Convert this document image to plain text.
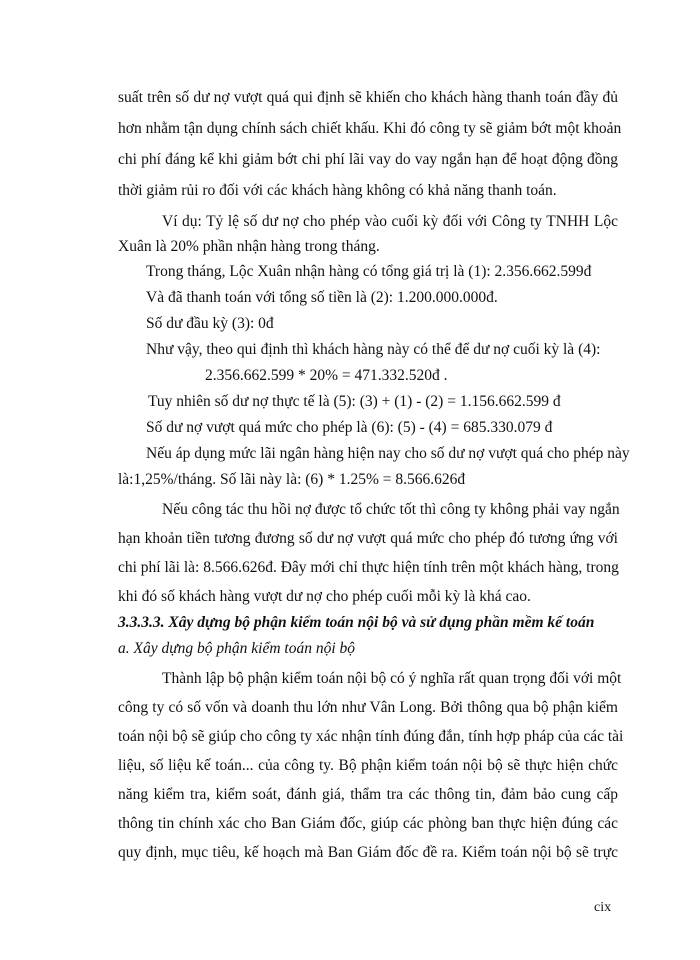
suất trên số dư nợ vượt quá qui định sẽ khiến cho khách hàng thanh toán đầy đủ
hơn nhằm tận dụng chính sách chiết khấu. Khi đó công ty sẽ giảm bớt một khoản
chi phí đáng kể khi giảm bớt chi phí lãi vay do vay ngắn hạn để hoạt động đồng
thời giảm rủi ro đối với các khách hàng không có khả năng thanh toán.
Ví dụ: Tỷ lệ số dư nợ cho phép vào cuối kỳ đối với Công ty TNHH Lộc
Xuân là 20% phần nhận hàng trong tháng.
Trong tháng, Lộc Xuân nhận hàng có tổng giá trị là (1): 2.356.662.599đ
Và đã thanh toán với tổng số tiền là (2): 1.200.000.000đ.
Số dư đầu kỳ (3): 0đ
Như vậy, theo qui định thì khách hàng này có thể để dư nợ cuối kỳ là (4):
2.356.662.599 * 20% = 471.332.520đ .
Tuy nhiên số dư nợ thực tế là (5): (3) + (1) - (2) = 1.156.662.599 đ
Số dư nợ vượt quá mức cho phép là (6): (5) - (4) = 685.330.079 đ
Nếu áp dụng mức lãi ngân hàng hiện nay cho số dư nợ vượt quá cho phép này
là:1,25%/tháng. Số lãi này là: (6) * 1.25% = 8.566.626đ
Nếu công tác thu hồi nợ được tổ chức tốt thì công ty không phải vay ngắn
hạn khoản tiền tương đương số dư nợ vượt quá mức cho phép đó tương ứng với
chi phí lãi là: 8.566.626đ. Đây mới chỉ thực hiện tính trên một khách hàng, trong
khi đó số khách hàng vượt dư nợ cho phép cuối mỗi kỳ là khá cao.
3.3.3.3. Xây dựng bộ phận kiểm toán nội bộ và sử dụng phần mềm kế toán
a. Xây dựng bộ phận kiểm toán nội bộ
Thành lập bộ phận kiểm toán nội bộ có ý nghĩa rất quan trọng đối với một
công ty có số vốn và doanh thu lớn như Vân Long. Bởi thông qua bộ phận kiểm
toán nội bộ sẽ giúp cho công ty xác nhận tính đúng đắn, tính hợp pháp của các tài
liệu, số liệu kế toán... của công ty. Bộ phận kiểm toán nội bộ sẽ thực hiện chức
năng kiểm tra, kiểm soát, đánh giá, thẩm tra các thông tin, đảm bảo cung cấp
thông tin chính xác cho Ban Giám đốc, giúp các phòng ban thực hiện đúng các
quy định, mục tiêu, kế hoạch mà Ban Giám đốc đề ra. Kiểm toán nội bộ sẽ trực
cix
